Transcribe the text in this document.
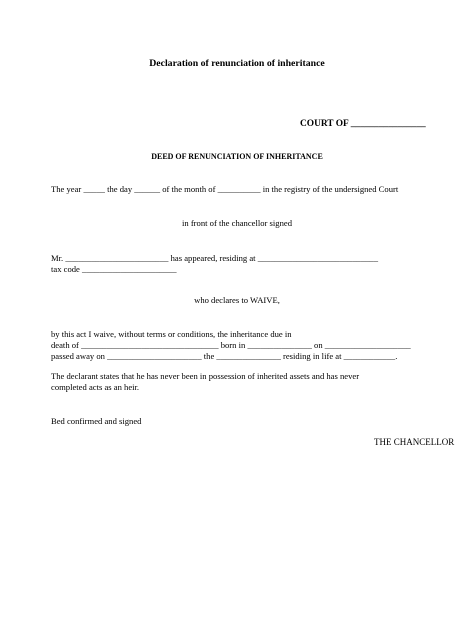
Declaration of renunciation of inheritance
COURT OF ________________
DEED OF RENUNCIATION OF INHERITANCE
The year _____ the day ______ of the month of __________ in the registry of the undersigned Court
in front of the chancellor signed
Mr. ________________________ has appeared, residing at ____________________________
tax code ______________________
who declares to WAIVE,
by this act I waive, without terms or conditions, the inheritance due in
death of ________________________________ born in _______________ on ____________________
passed away on ______________________ the _______________ residing in life at ____________.
The declarant states that he has never been in possession of inherited assets and has never
completed acts as an heir.
Bed confirmed and signed
THE CHANCELLOR
